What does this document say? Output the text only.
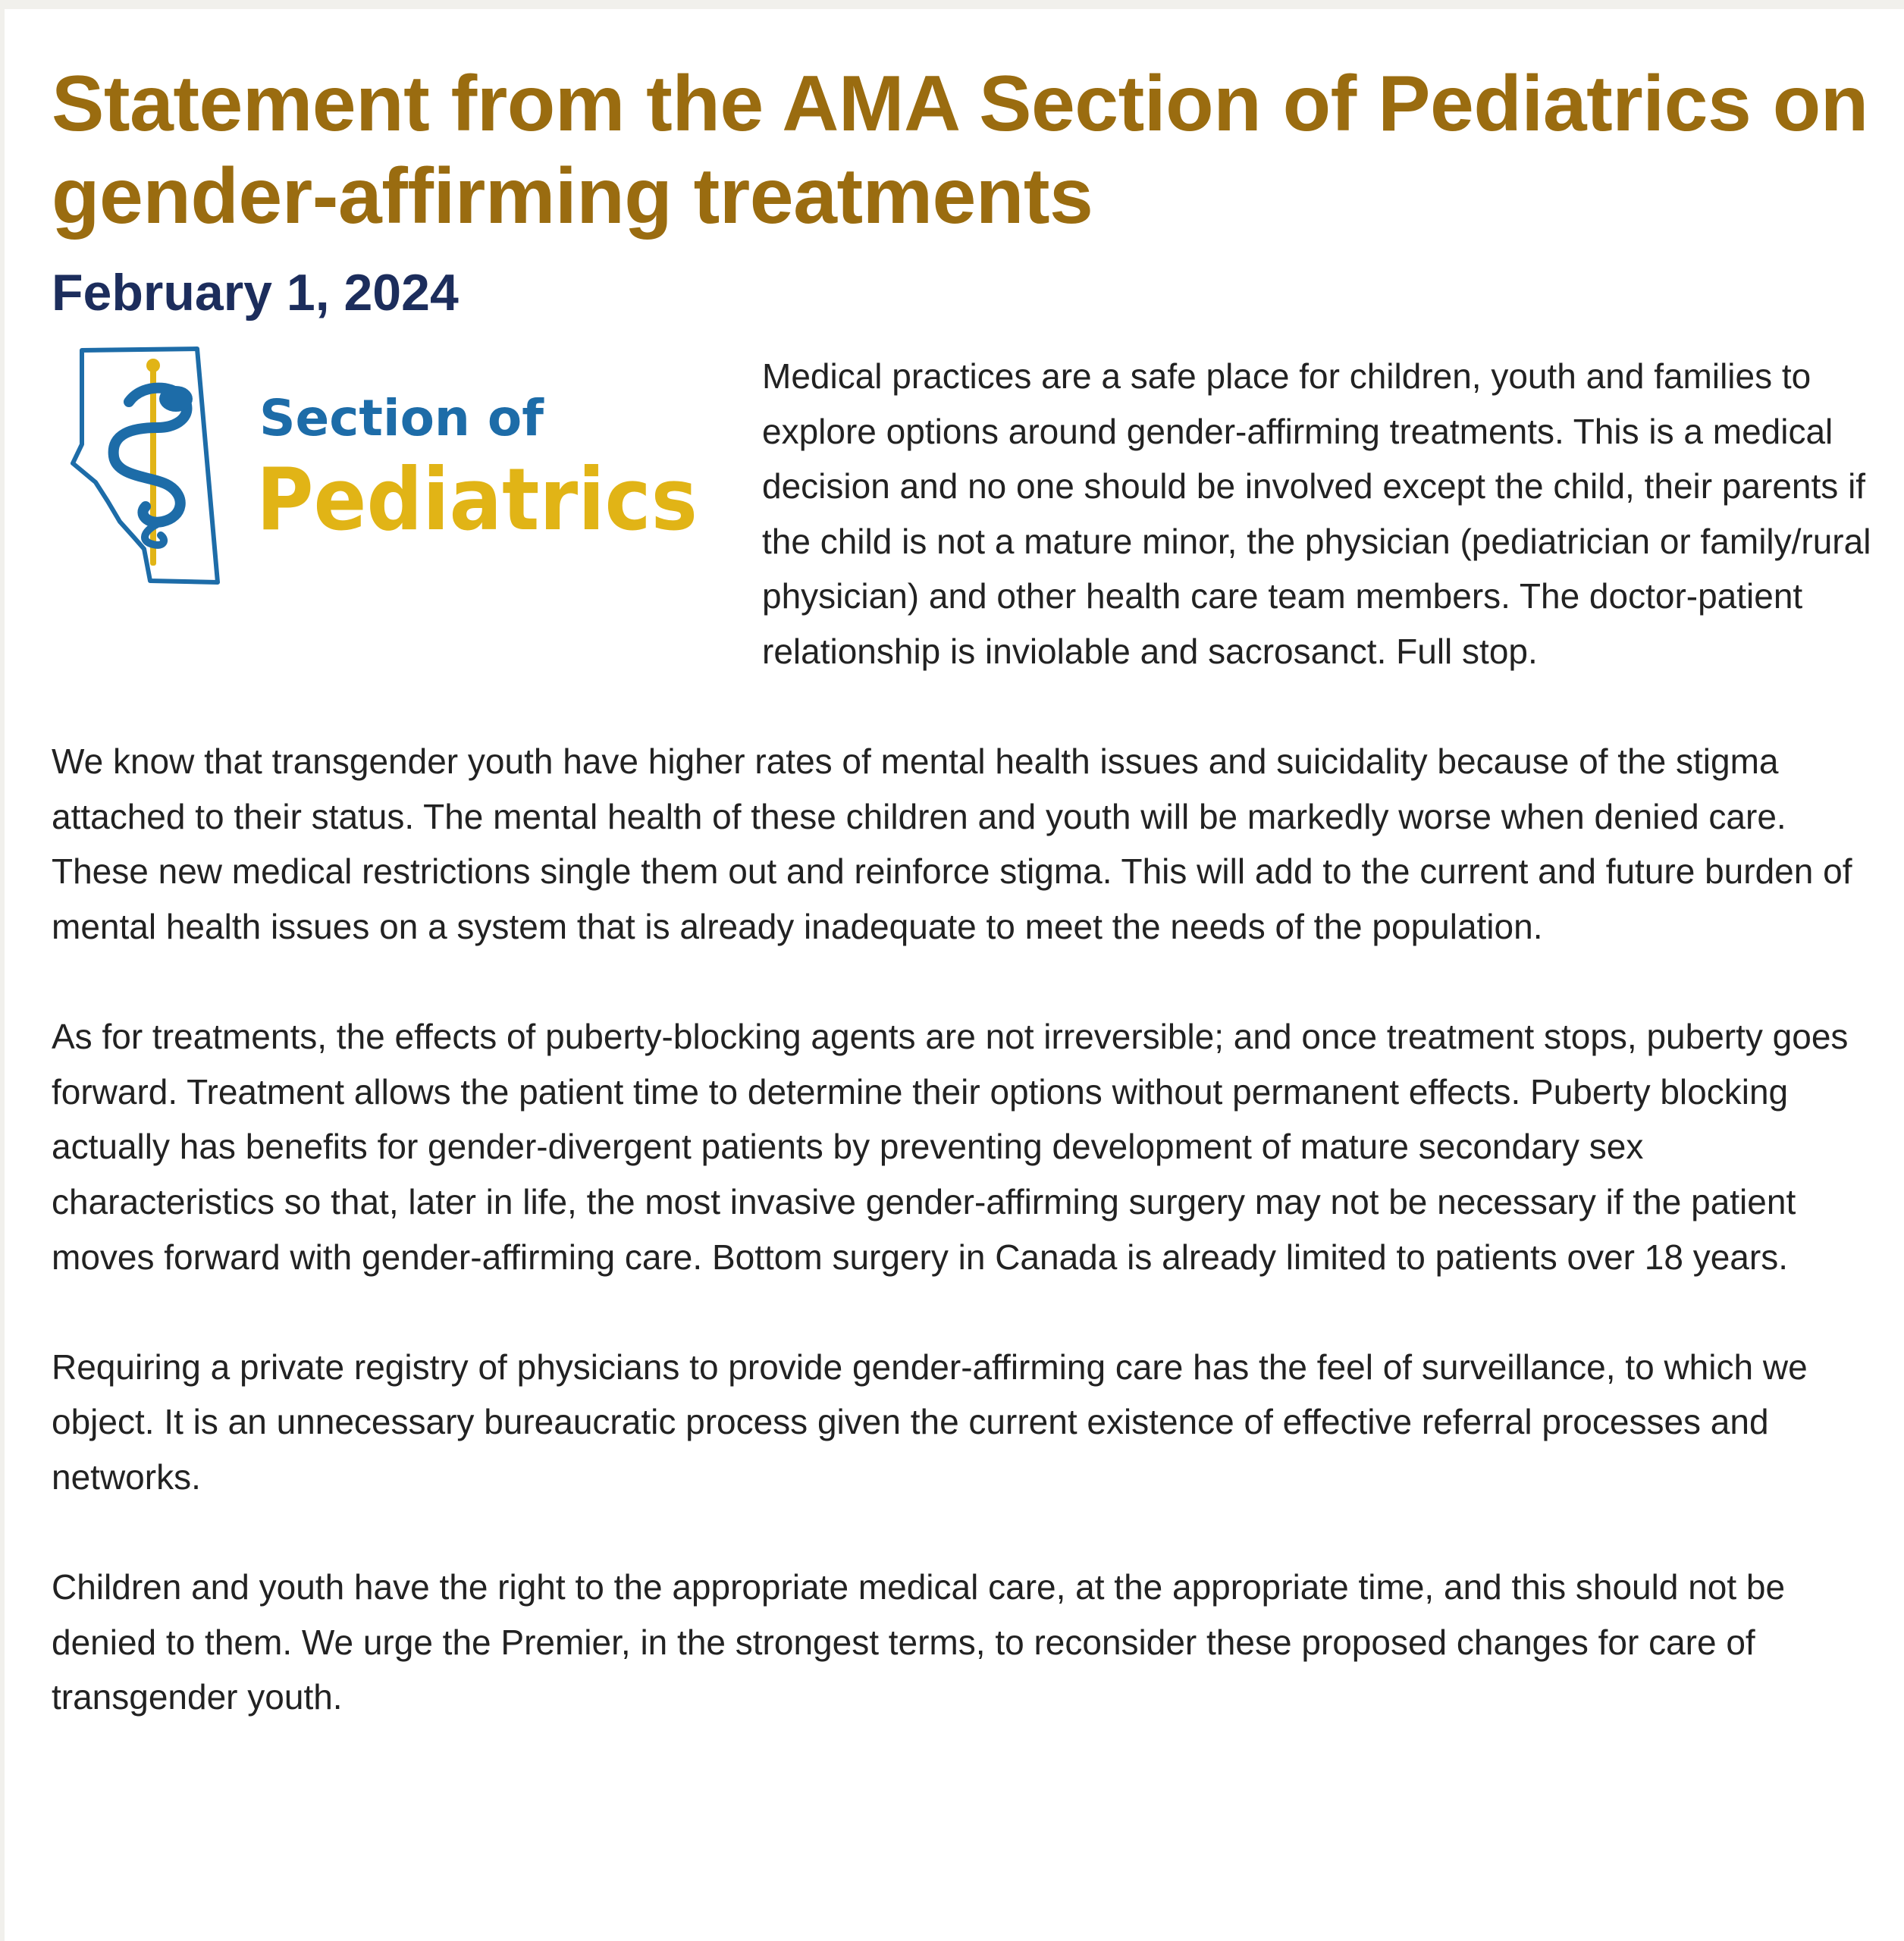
Statement from the AMA Section of Pediatrics on gender-affirming treatments
February 1, 2024
Section of
Pediatrics

Medical practices are a safe place for children, youth and families to explore options around gender-affirming treatments. This is a medical decision and no one should be involved except the child, their parents if the child is not a mature minor, the physician (pediatrician or family/rural physician) and other health care team members. The doctor-patient relationship is inviolable and sacrosanct. Full stop.

We know that transgender youth have higher rates of mental health issues and suicidality because of the stigma attached to their status. The mental health of these children and youth will be markedly worse when denied care. These new medical restrictions single them out and reinforce stigma. This will add to the current and future burden of mental health issues on a system that is already inadequate to meet the needs of the population.

As for treatments, the effects of puberty-blocking agents are not irreversible; and once treatment stops, puberty goes forward. Treatment allows the patient time to determine their options without permanent effects. Puberty blocking actually has benefits for gender-divergent patients by preventing development of mature secondary sex characteristics so that, later in life, the most invasive gender-affirming surgery may not be necessary if the patient moves forward with gender-affirming care. Bottom surgery in Canada is already limited to patients over 18 years.

Requiring a private registry of physicians to provide gender-affirming care has the feel of surveillance, to which we object. It is an unnecessary bureaucratic process given the current existence of effective referral processes and networks.

Children and youth have the right to the appropriate medical care, at the appropriate time, and this should not be denied to them. We urge the Premier, in the strongest terms, to reconsider these proposed changes for care of transgender youth.
